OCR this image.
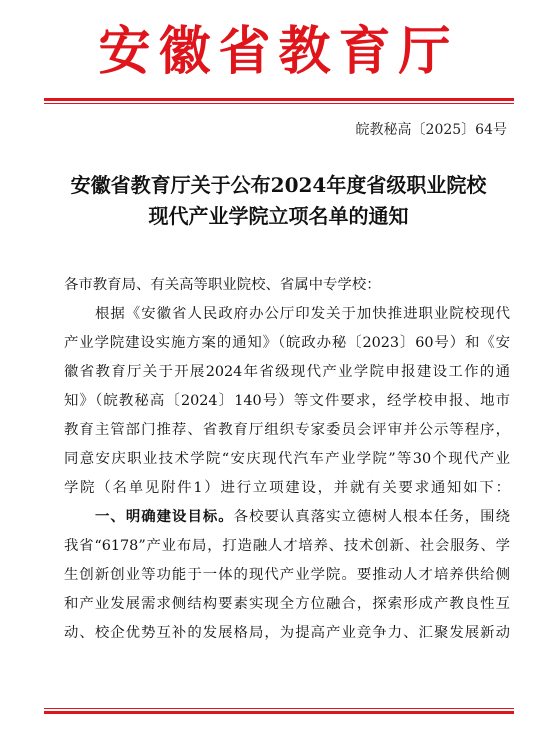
安徽省教育厅
皖教秘高〔2025〕64号
安徽省教育厅关于公布2024年度省级职业院校
现代产业学院立项名单的通知
各市教育局、有关高等职业院校、省属中专学校：
根据《安徽省人民政府办公厅印发关于加快推进职业院校现代
产业学院建设实施方案的通知》（皖政办秘〔2023〕60号）和《安
徽省教育厅关于开展2024年省级现代产业学院申报建设工作的通
知》（皖教秘高〔2024〕140号）等文件要求，经学校申报、地市
教育主管部门推荐、省教育厅组织专家委员会评审并公示等程序，
同意安庆职业技术学院“安庆现代汽车产业学院”等30个现代产业
学院（名单见附件1）进行立项建设，并就有关要求通知如下：
一、明确建设目标。各校要认真落实立德树人根本任务，围绕
我省“6178”产业布局，打造融人才培养、技术创新、社会服务、学
生创新创业等功能于一体的现代产业学院。要推动人才培养供给侧
和产业发展需求侧结构要素实现全方位融合，探索形成产教良性互
动、校企优势互补的发展格局，为提高产业竞争力、汇聚发展新动
